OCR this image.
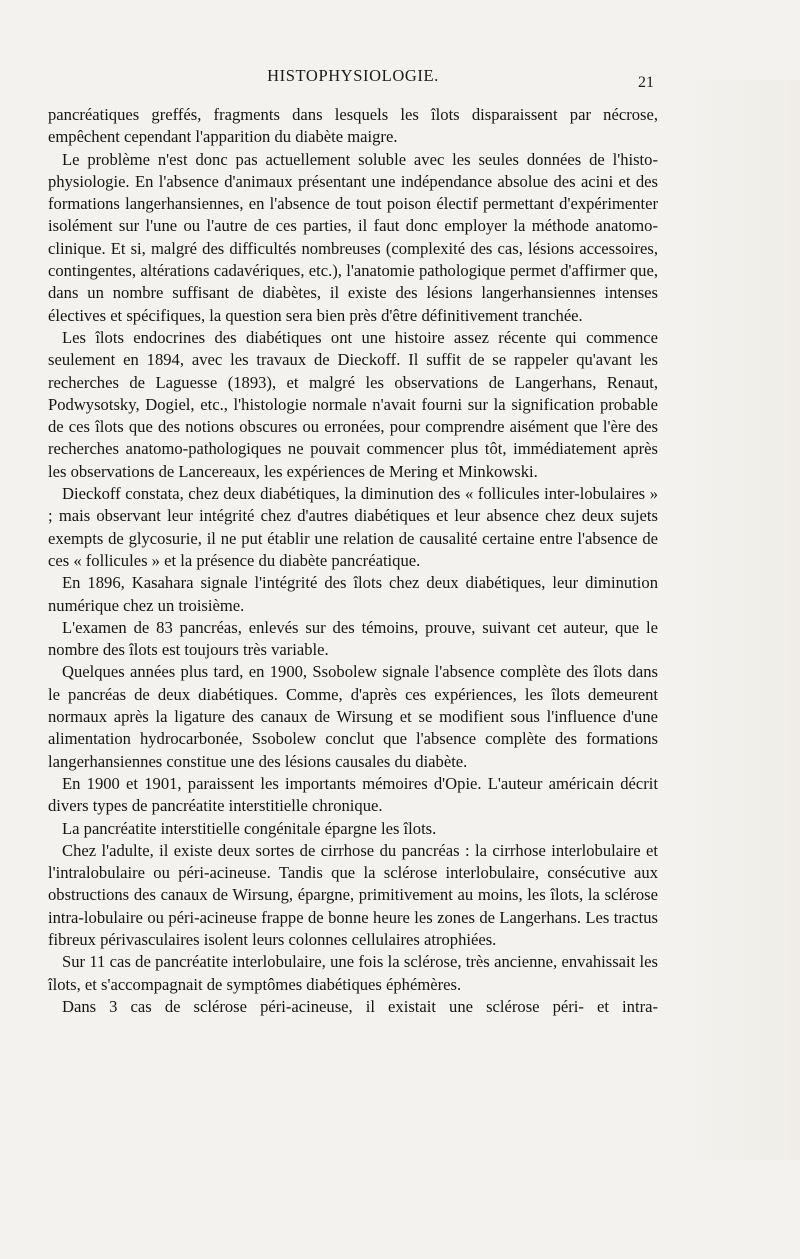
HISTOPHYSIOLOGIE.	21

pancréatiques greffés, fragments dans lesquels les îlots disparaissent par nécrose, empêchent cependant l'apparition du diabète maigre.

Le problème n'est donc pas actuellement soluble avec les seules données de l'histo-physiologie. En l'absence d'animaux présentant une indépendance absolue des acini et des formations langerhansiennes, en l'absence de tout poison électif permettant d'expérimenter isolément sur l'une ou l'autre de ces parties, il faut donc employer la méthode anatomo-clinique. Et si, malgré des difficultés nombreuses (complexité des cas, lésions accessoires, contingentes, altérations cadavériques, etc.), l'anatomie pathologique permet d'affirmer que, dans un nombre suffisant de diabètes, il existe des lésions langerhansiennes intenses électives et spécifiques, la question sera bien près d'être définitivement tranchée.

Les îlots endocrines des diabétiques ont une histoire assez récente qui commence seulement en 1894, avec les travaux de Dieckoff. Il suffit de se rappeler qu'avant les recherches de Laguesse (1893), et malgré les observations de Langerhans, Renaut, Podwysotsky, Dogiel, etc., l'histologie normale n'avait fourni sur la signification probable de ces îlots que des notions obscures ou erronées, pour comprendre aisément que l'ère des recherches anatomo-pathologiques ne pouvait commencer plus tôt, immédiatement après les observations de Lancereaux, les expériences de Mering et Minkowski.

Dieckoff constata, chez deux diabétiques, la diminution des « follicules inter-lobulaires » ; mais observant leur intégrité chez d'autres diabétiques et leur absence chez deux sujets exempts de glycosurie, il ne put établir une relation de causalité certaine entre l'absence de ces « follicules » et la présence du diabète pancréatique.

En 1896, Kasahara signale l'intégrité des îlots chez deux diabétiques, leur diminution numérique chez un troisième.

L'examen de 83 pancréas, enlevés sur des témoins, prouve, suivant cet auteur, que le nombre des îlots est toujours très variable.

Quelques années plus tard, en 1900, Ssobolew signale l'absence complète des îlots dans le pancréas de deux diabétiques. Comme, d'après ces expériences, les îlots demeurent normaux après la ligature des canaux de Wirsung et se modifient sous l'influence d'une alimentation hydrocarbonée, Ssobolew conclut que l'absence complète des formations langerhansiennes constitue une des lésions causales du diabète.

En 1900 et 1901, paraissent les importants mémoires d'Opie. L'auteur américain décrit divers types de pancréatite interstitielle chronique.

La pancréatite interstitielle congénitale épargne les îlots.

Chez l'adulte, il existe deux sortes de cirrhose du pancréas : la cirrhose interlobulaire et l'intralobulaire ou péri-acineuse. Tandis que la sclérose interlobulaire, consécutive aux obstructions des canaux de Wirsung, épargne, primitivement au moins, les îlots, la sclérose intra-lobulaire ou péri-acineuse frappe de bonne heure les zones de Langerhans. Les tractus fibreux périvasculaires isolent leurs colonnes cellulaires atrophiées.

Sur 11 cas de pancréatite interlobulaire, une fois la sclérose, très ancienne, envahissait les îlots, et s'accompagnait de symptômes diabétiques éphémères.

Dans 3 cas de sclérose péri-acineuse, il existait une sclérose péri- et intra-
